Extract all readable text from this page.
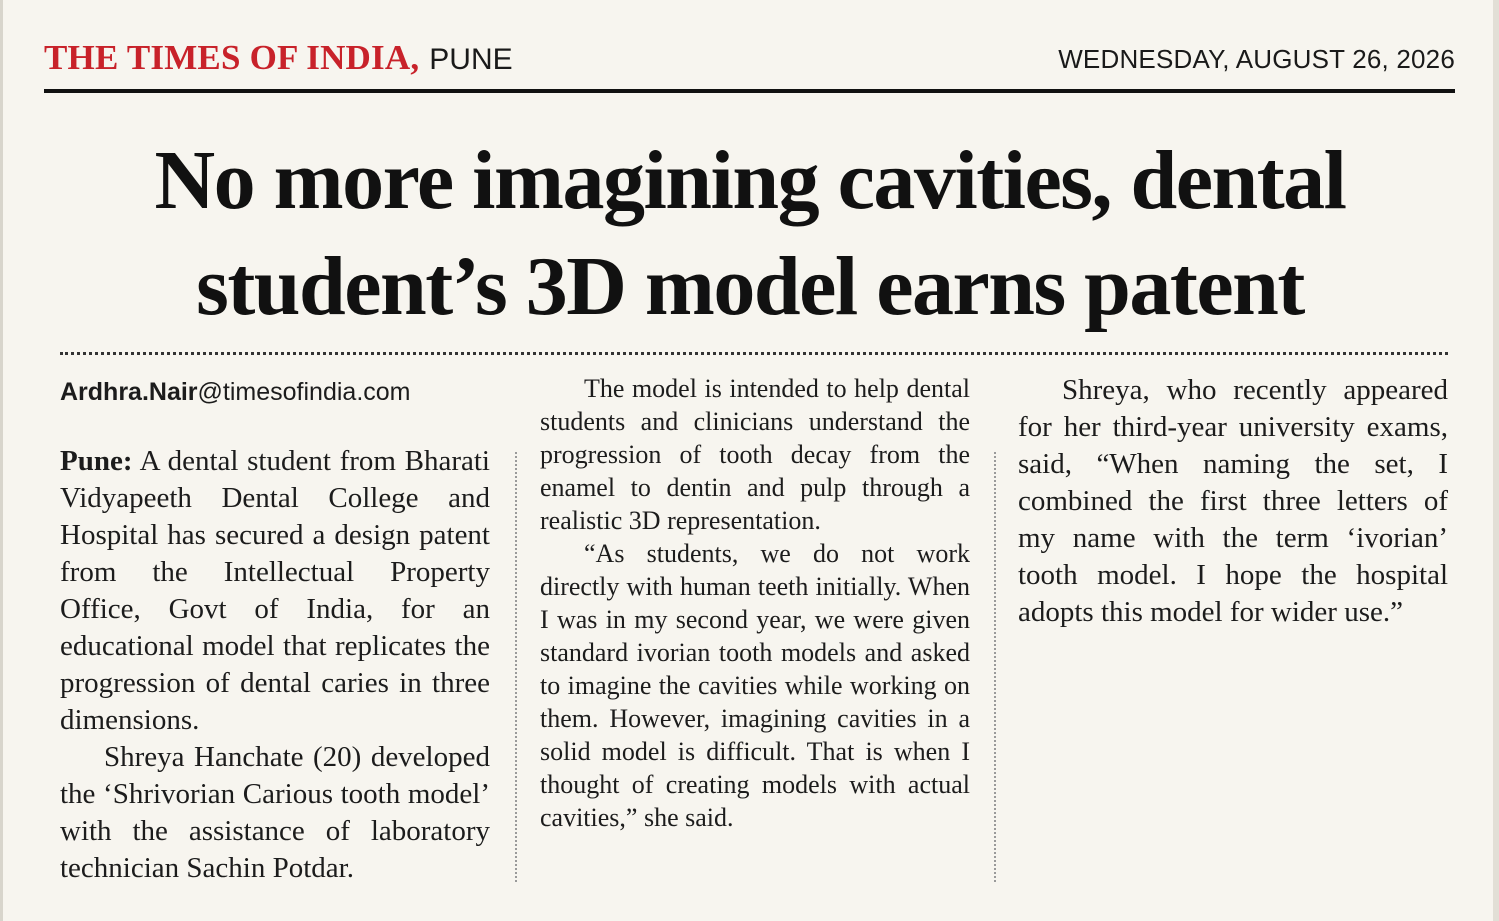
THE TIMES OF INDIA, PUNE	WEDNESDAY, AUGUST 26, 2026
No more imagining cavities, dental student’s 3D model earns patent

Ardhra.Nair@timesofindia.com

Pune: A dental student from Bharati Vidyapeeth Dental College and Hospital has secured a design patent from the Intellectual Property Office, Govt of India, for an educational model that replicates the progression of dental caries in three dimensions.

Shreya Hanchate (20) developed the ‘Shrivorian Carious tooth model’ with the assistance of laboratory technician Sachin Potdar.

The model is intended to help dental students and clinicians understand the progression of tooth decay from the enamel to dentin and pulp through a realistic 3D representation.

“As students, we do not work directly with human teeth initially. When I was in my second year, we were given standard ivorian tooth models and asked to imagine the cavities while working on them. However, imagining cavities in a solid model is difficult. That is when I thought of creating models with actual cavities,” she said.

Shreya, who recently appeared for her third-year university exams, said, “When naming the set, I combined the first three letters of my name with the term ‘ivorian’ tooth model. I hope the hospital adopts this model for wider use.”
